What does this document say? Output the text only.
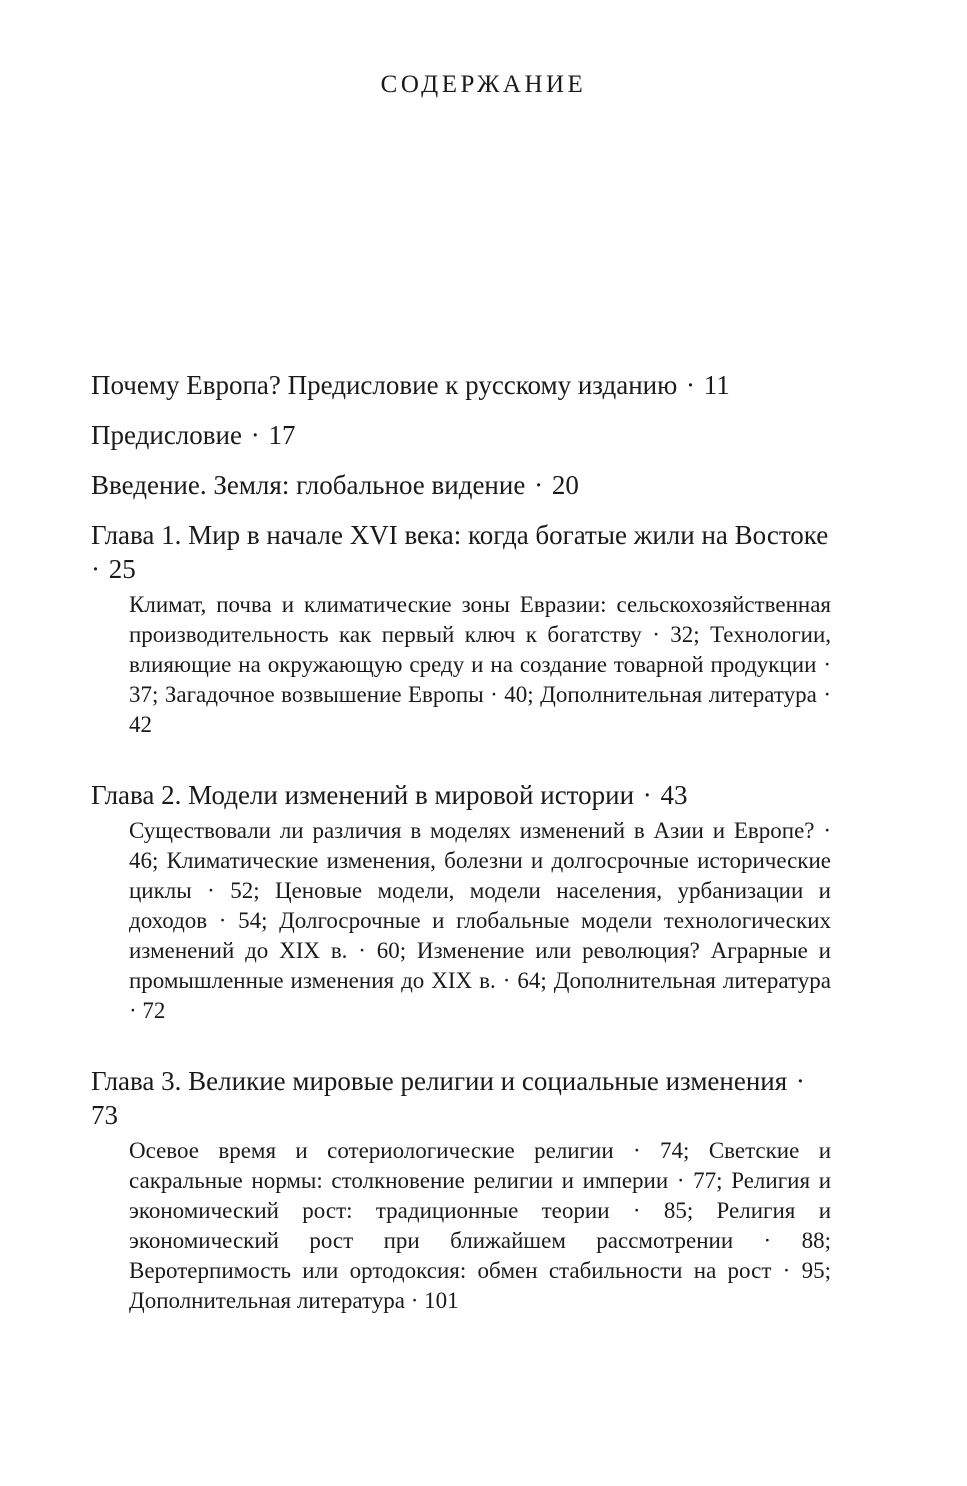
СОДЕРЖАНИЕ
Почему Европа? Предисловие к русскому изданию · 11
Предисловие · 17
Введение. Земля: глобальное видение · 20
Глава 1. Мир в начале XVI века: когда богатые жили на Востоке · 25
Климат, почва и климатические зоны Евразии: сельскохозяйственная производительность как первый ключ к богатству · 32; Технологии, влияющие на окружающую среду и на создание товарной продукции · 37; Загадочное возвышение Европы · 40; Дополнительная литература · 42
Глава 2. Модели изменений в мировой истории · 43
Существовали ли различия в моделях изменений в Азии и Европе? · 46; Климатические изменения, болезни и долгосрочные исторические циклы · 52; Ценовые модели, модели населения, урбанизации и доходов · 54; Долгосрочные и глобальные модели технологических изменений до XIX в. · 60; Изменение или революция? Аграрные и промышленные изменения до XIX в. · 64; Дополнительная литература · 72
Глава 3. Великие мировые религии и социальные изменения · 73
Осевое время и сотериологические религии · 74; Светские и сакральные нормы: столкновение религии и империи · 77; Религия и экономический рост: традиционные теории · 85; Религия и экономический рост при ближайшем рассмотрении · 88; Веротерпимость или ортодоксия: обмен стабильности на рост · 95; Дополнительная литература · 101
